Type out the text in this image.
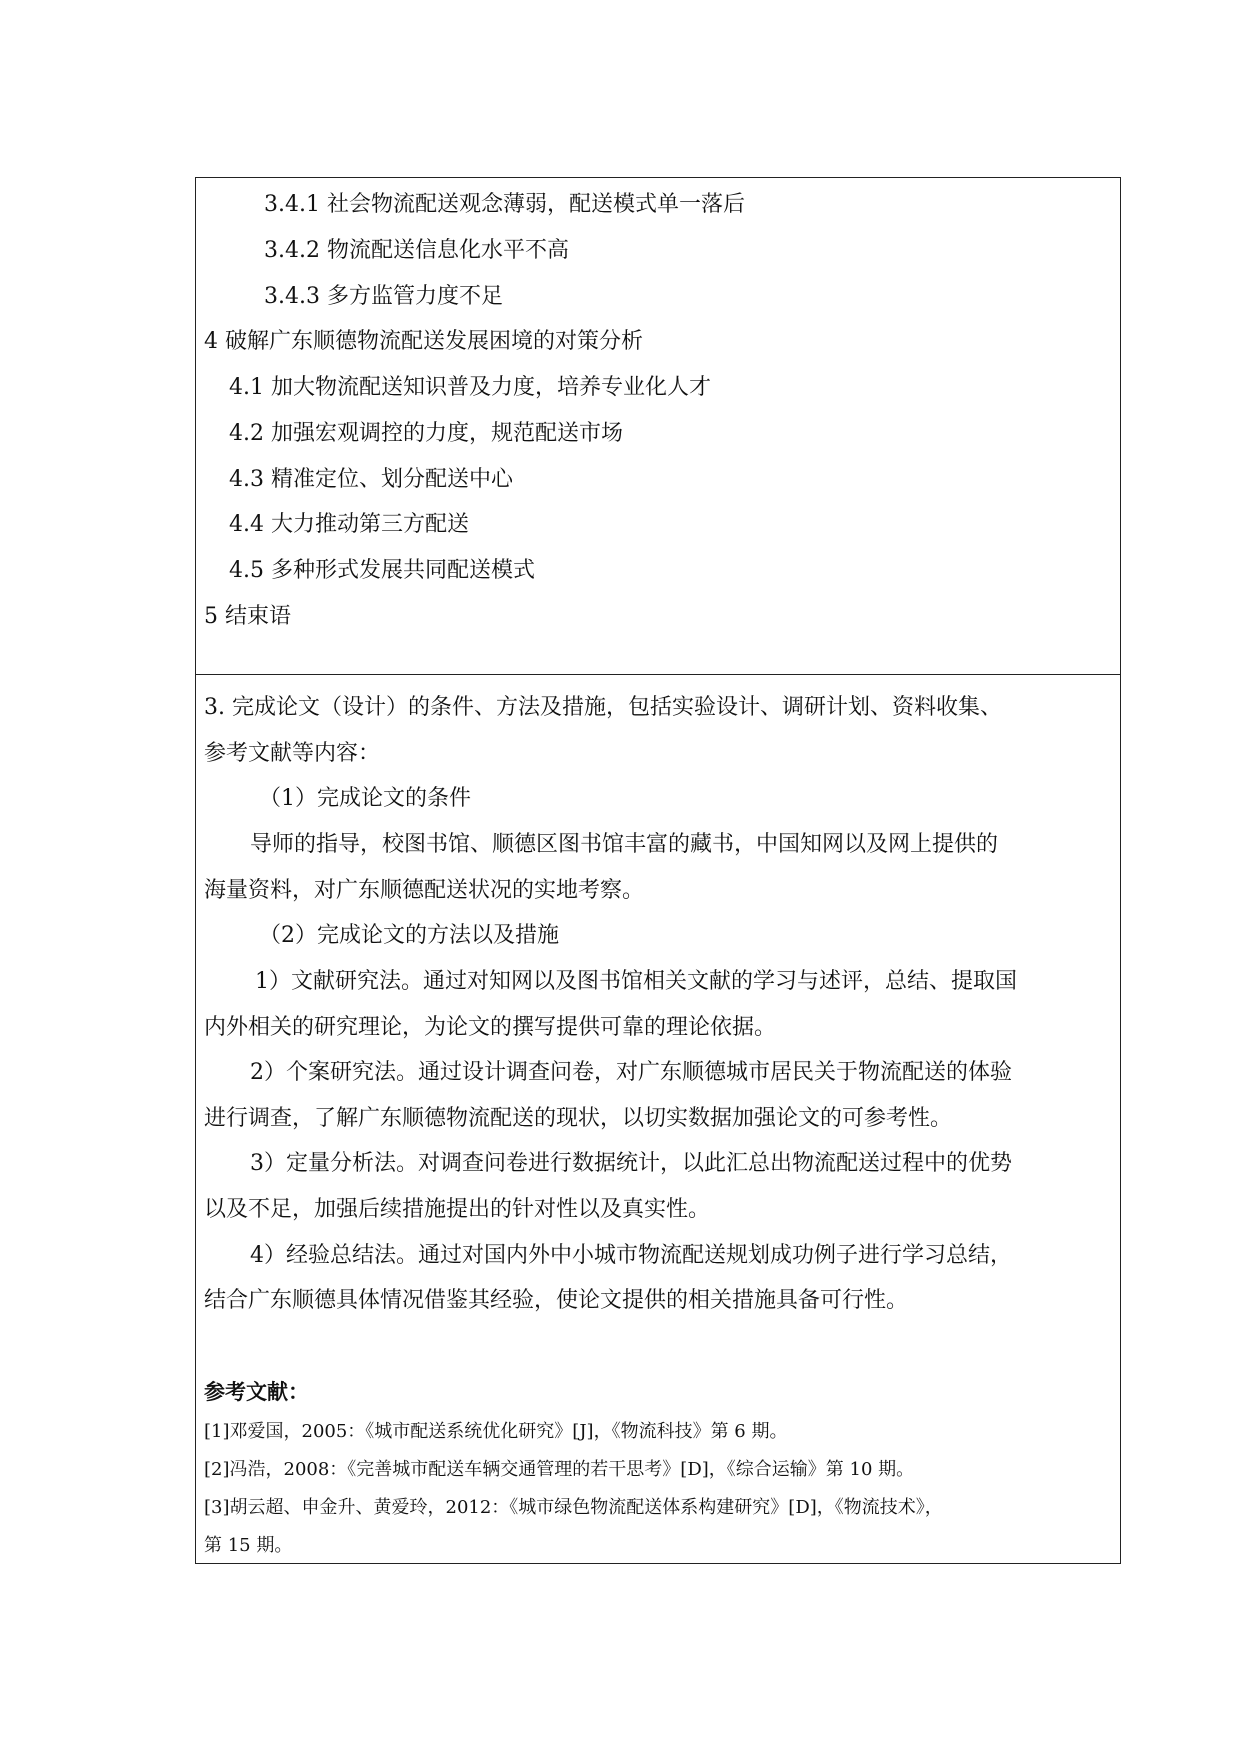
3.4.1 社会物流配送观念薄弱，配送模式单一落后
3.4.2 物流配送信息化水平不高
3.4.3 多方监管力度不足
4 破解广东顺德物流配送发展困境的对策分析
4.1 加大物流配送知识普及力度，培养专业化人才
4.2 加强宏观调控的力度，规范配送市场
4.3 精准定位、划分配送中心
4.4 大力推动第三方配送
4.5 多种形式发展共同配送模式
5 结束语
3. 完成论文（设计）的条件、方法及措施，包括实验设计、调研计划、资料收集、
参考文献等内容：
（1）完成论文的条件
导师的指导，校图书馆、顺德区图书馆丰富的藏书，中国知网以及网上提供的
海量资料，对广东顺德配送状况的实地考察。
（2）完成论文的方法以及措施
1）文献研究法。通过对知网以及图书馆相关文献的学习与述评，总结、提取国
内外相关的研究理论，为论文的撰写提供可靠的理论依据。
2）个案研究法。通过设计调查问卷，对广东顺德城市居民关于物流配送的体验
进行调查，了解广东顺德物流配送的现状，以切实数据加强论文的可参考性。
3）定量分析法。对调查问卷进行数据统计，以此汇总出物流配送过程中的优势
以及不足，加强后续措施提出的针对性以及真实性。
4）经验总结法。通过对国内外中小城市物流配送规划成功例子进行学习总结，
结合广东顺德具体情况借鉴其经验，使论文提供的相关措施具备可行性。
参考文献：
[1]邓爱国，2005：《城市配送系统优化研究》[J]，《物流科技》第 6 期。
[2]冯浩，2008：《完善城市配送车辆交通管理的若干思考》[D]，《综合运输》第 10 期。
[3]胡云超、申金升、黄爱玲，2012：《城市绿色物流配送体系构建研究》[D]，《物流技术》，
第 15 期。
